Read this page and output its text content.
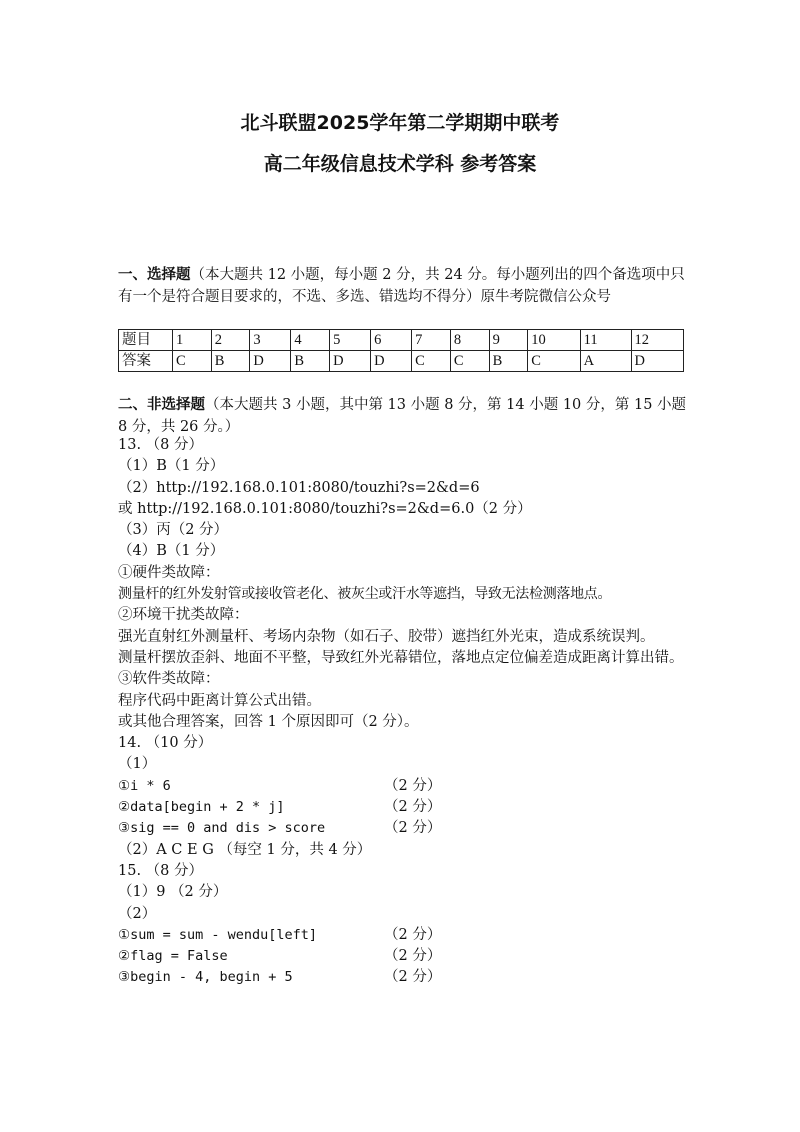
北斗联盟2025学年第二学期期中联考
高二年级信息技术学科 参考答案
一、选择题（本大题共 12 小题，每小题 2 分，共 24 分。每小题列出的四个备选项中只有一个是符合题目要求的，不选、多选、错选均不得分）原牛考院微信公众号
题目	1	2	3	4	5	6	7	8	9	10	11	12
答案	C	B	D	B	D	D	C	C	B	C	A	D
二、非选择题（本大题共 3 小题，其中第 13 小题 8 分，第 14 小题 10 分，第 15 小题 8 分，共 26 分。）
13. （8 分）
（1）B（1 分）
（2）http://192.168.0.101:8080/touzhi?s=2&d=6
或 http://192.168.0.101:8080/touzhi?s=2&d=6.0（2 分）
（3）丙（2 分）
（4）B（1 分）
①硬件类故障：
测量杆的红外发射管或接收管老化、被灰尘或汗水等遮挡，导致无法检测落地点。
②环境干扰类故障：
强光直射红外测量杆、考场内杂物（如石子、胶带）遮挡红外光束，造成系统误判。
测量杆摆放歪斜、地面不平整，导致红外光幕错位，落地点定位偏差造成距离计算出错。
③软件类故障：
程序代码中距离计算公式出错。
或其他合理答案，回答 1 个原因即可（2 分）。
14. （10 分）
（1）
①i * 6	（2 分）
②data[begin + 2 * j]	（2 分）
③sig == 0 and dis > score	（2 分）
（2）A C E G （每空 1 分，共 4 分）
15. （8 分）
（1）9 （2 分）
（2）
①sum = sum - wendu[left]	（2 分）
②flag = False	（2 分）
③begin - 4, begin + 5	（2 分）
